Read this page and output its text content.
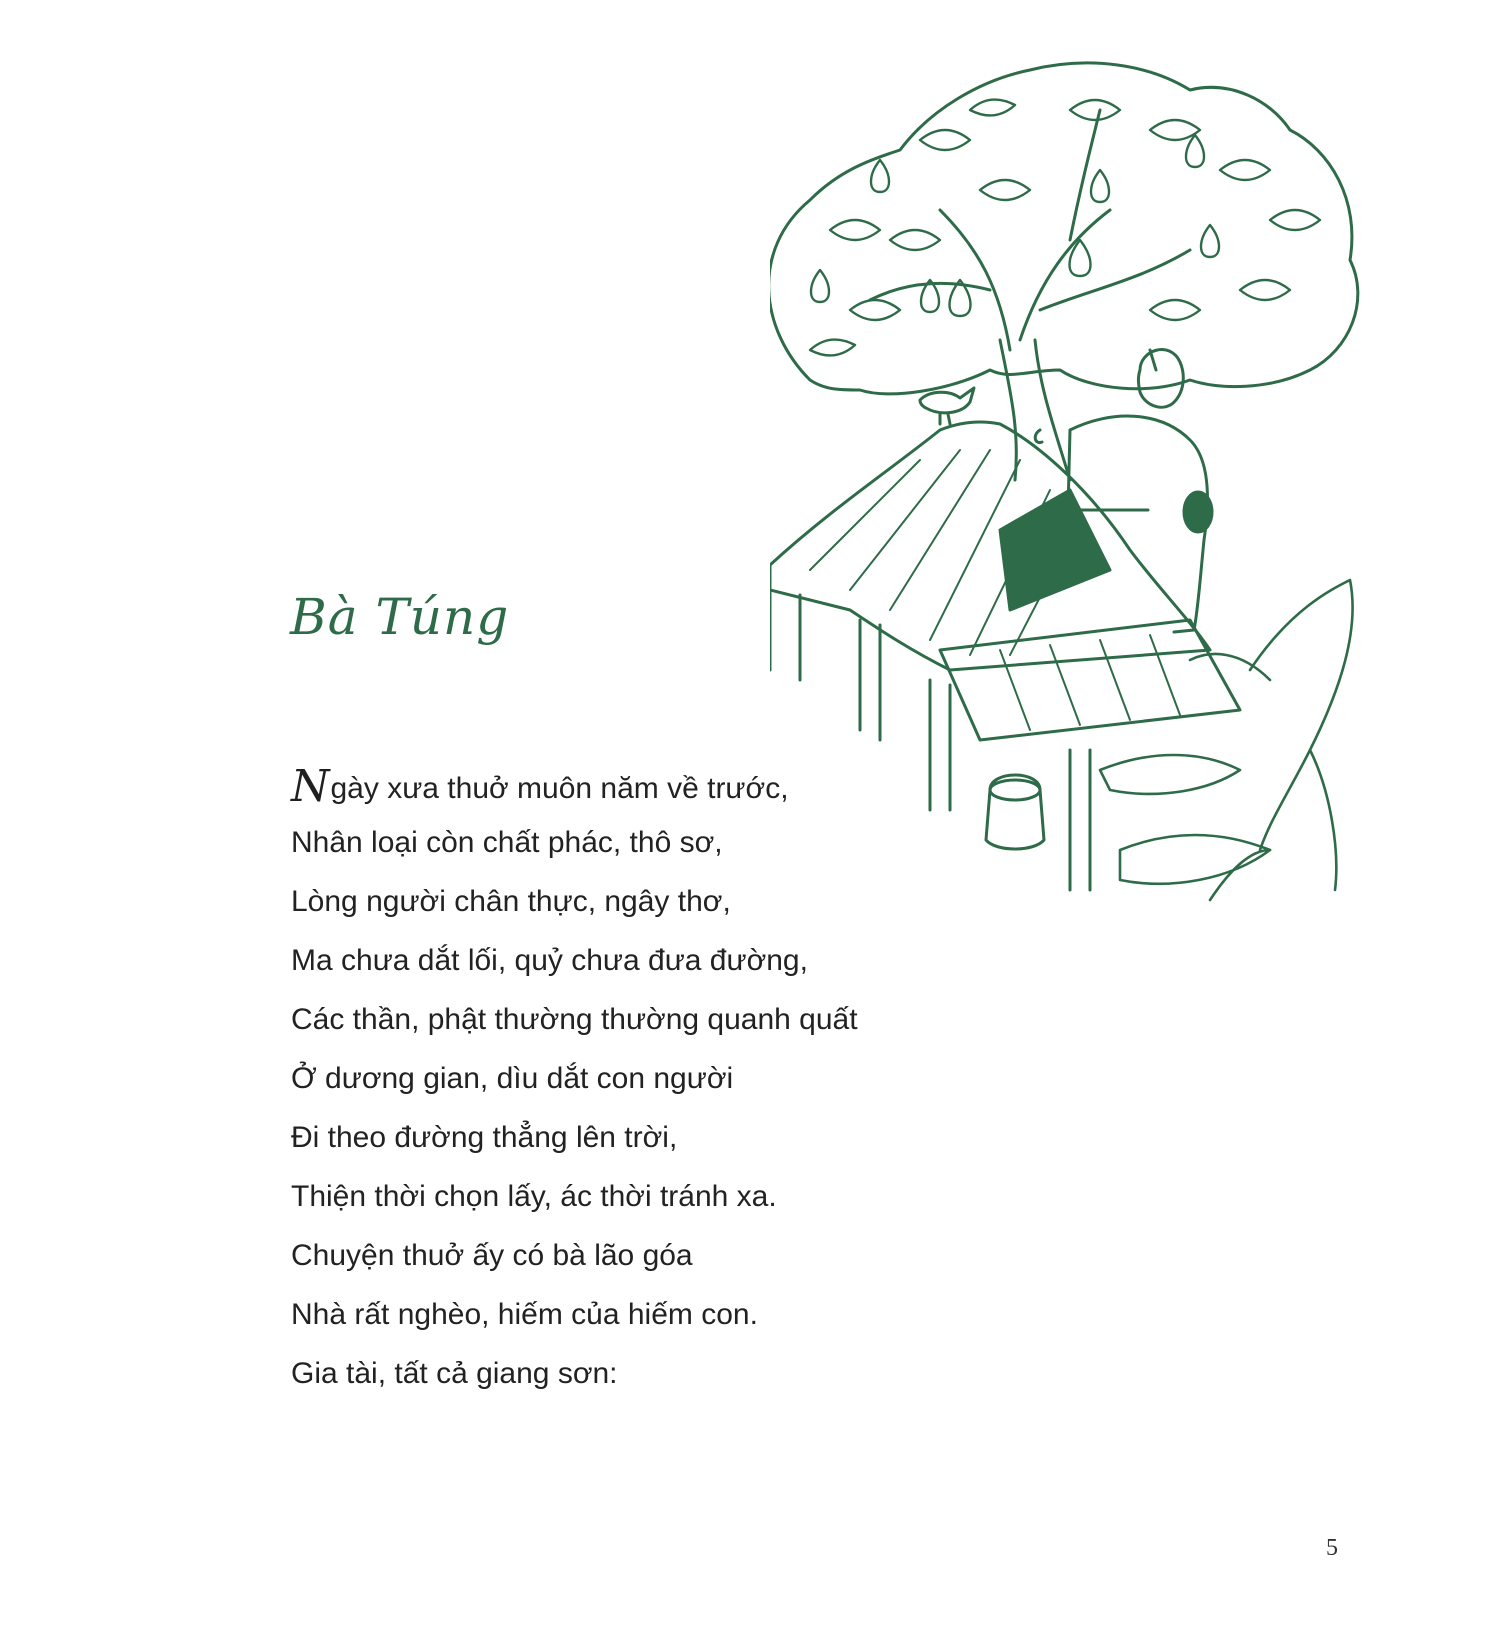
Bà Túng
Ngày xưa thuở muôn năm về trước,
Nhân loại còn chất phác, thô sơ,
Lòng người chân thực, ngây thơ,
Ma chưa dắt lối, quỷ chưa đưa đường,
Các thần, phật thường thường quanh quất
Ở dương gian, dìu dắt con người
Đi theo đường thẳng lên trời,
Thiện thời chọn lấy, ác thời tránh xa.
Chuyện thuở ấy có bà lão góa
Nhà rất nghèo, hiếm của hiếm con.
Gia tài, tất cả giang sơn:
5
